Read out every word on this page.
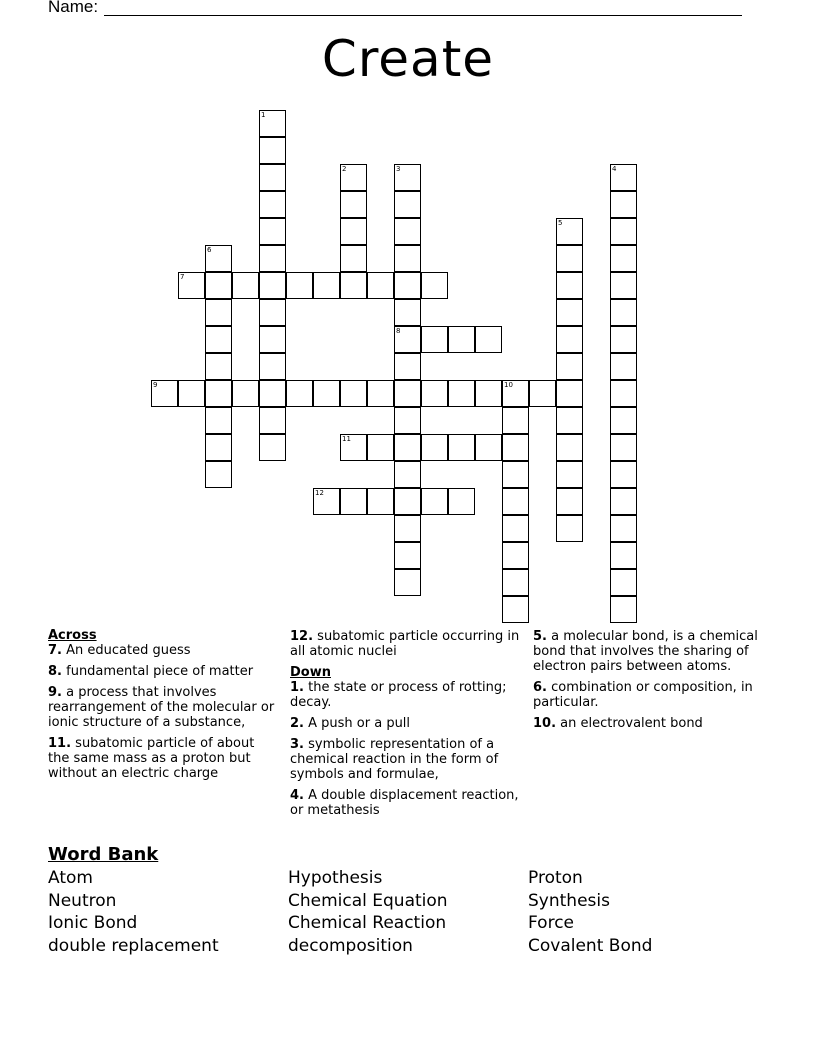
Name:
Create
1
2	3	4
5
6
7
8
9	10
11
12
Across
7. An educated guess
8. fundamental piece of matter
9. a process that involves rearrangement of the molecular or ionic structure of a substance,
11. subatomic particle of about the same mass as a proton but without an electric charge
12. subatomic particle occurring in all atomic nuclei
Down
1. the state or process of rotting; decay.
2. A push or a pull
3. symbolic representation of a chemical reaction in the form of symbols and formulae,
4. A double displacement reaction, or metathesis
5. a molecular bond, is a chemical bond that involves the sharing of electron pairs between atoms.
6. combination or composition, in particular.
10. an electrovalent bond
Word Bank
Atom
Neutron
Ionic Bond
double replacement
Hypothesis
Chemical Equation
Chemical Reaction
decomposition
Proton
Synthesis
Force
Covalent Bond
